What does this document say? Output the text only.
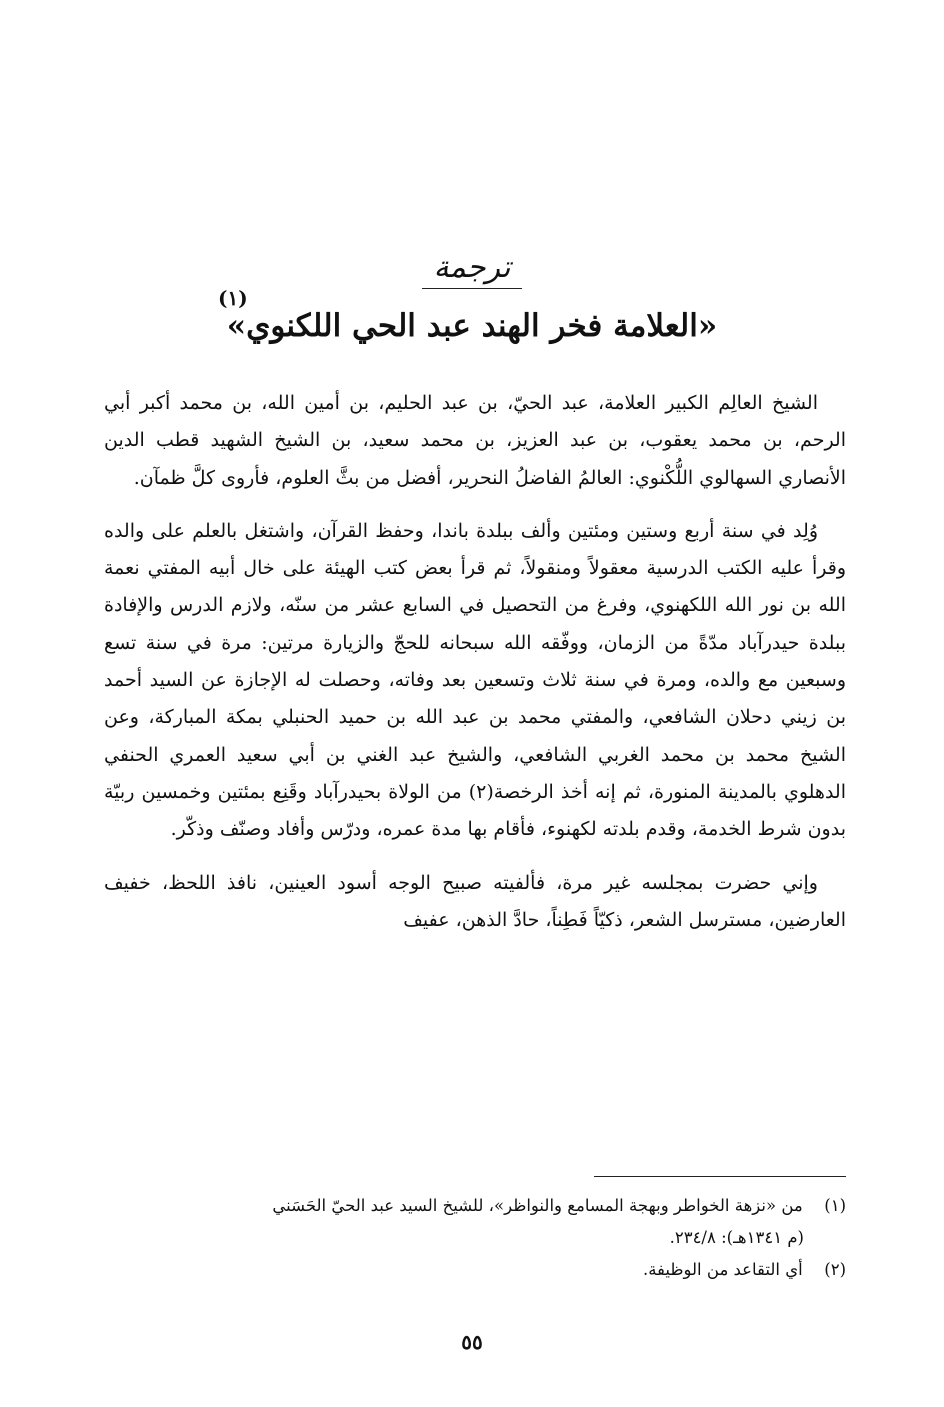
ترجمة
«العلامة فخر الهند عبد الحي اللكنوي»
(١)

الشيخ العالِم الكبير العلامة، عبد الحيّ، بن عبد الحليم، بن أمين الله، بن محمد أكبر أبي الرحم، بن محمد يعقوب، بن عبد العزيز، بن محمد سعيد، بن الشيخ الشهيد قطب الدين الأنصاري السهالوي اللُّكْنوي: العالمُ الفاضلُ النحرير، أفضل من بثَّ العلوم، فأروى كلَّ ظمآن.

وُلِد في سنة أربع وستين ومئتين وألف ببلدة باندا، وحفظ القرآن، واشتغل بالعلم على والده وقرأ عليه الكتب الدرسية معقولاً ومنقولاً، ثم قرأ بعض كتب الهيئة على خال أبيه المفتي نعمة الله بن نور الله اللكهنوي، وفرغ من التحصيل في السابع عشر من سنّه، ولازم الدرس والإفادة ببلدة حيدرآباد مدّةً من الزمان، ووفّقه الله سبحانه للحجّ والزيارة مرتين: مرة في سنة تسع وسبعين مع والده، ومرة في سنة ثلاث وتسعين بعد وفاته، وحصلت له الإجازة عن السيد أحمد بن زيني دحلان الشافعي، والمفتي محمد بن عبد الله بن حميد الحنبلي بمكة المباركة، وعن الشيخ محمد بن محمد الغربي الشافعي، والشيخ عبد الغني بن أبي سعيد العمري الحنفي الدهلوي بالمدينة المنورة، ثم إنه أخذ الرخصة(٢) من الولاة بحيدرآباد وقَنِع بمئتين وخمسين ربيّة بدون شرط الخدمة، وقدم بلدته لكهنوء، فأقام بها مدة عمره، ودرّس وأفاد وصنّف وذكّر.

وإني حضرت بمجلسه غير مرة، فألفيته صبيح الوجه أسود العينين، نافذ اللحظ، خفيف العارضين، مسترسل الشعر، ذكيّاً فَطِناً، حادَّ الذهن، عفيف

(١) من «نزهة الخواطر وبهجة المسامع والنواظر»، للشيخ السيد عبد الحيّ الحَسَني

(م ١٣٤١هـ): ٢٣٤/٨.

(٢) أي التقاعد من الوظيفة.

٥٥
